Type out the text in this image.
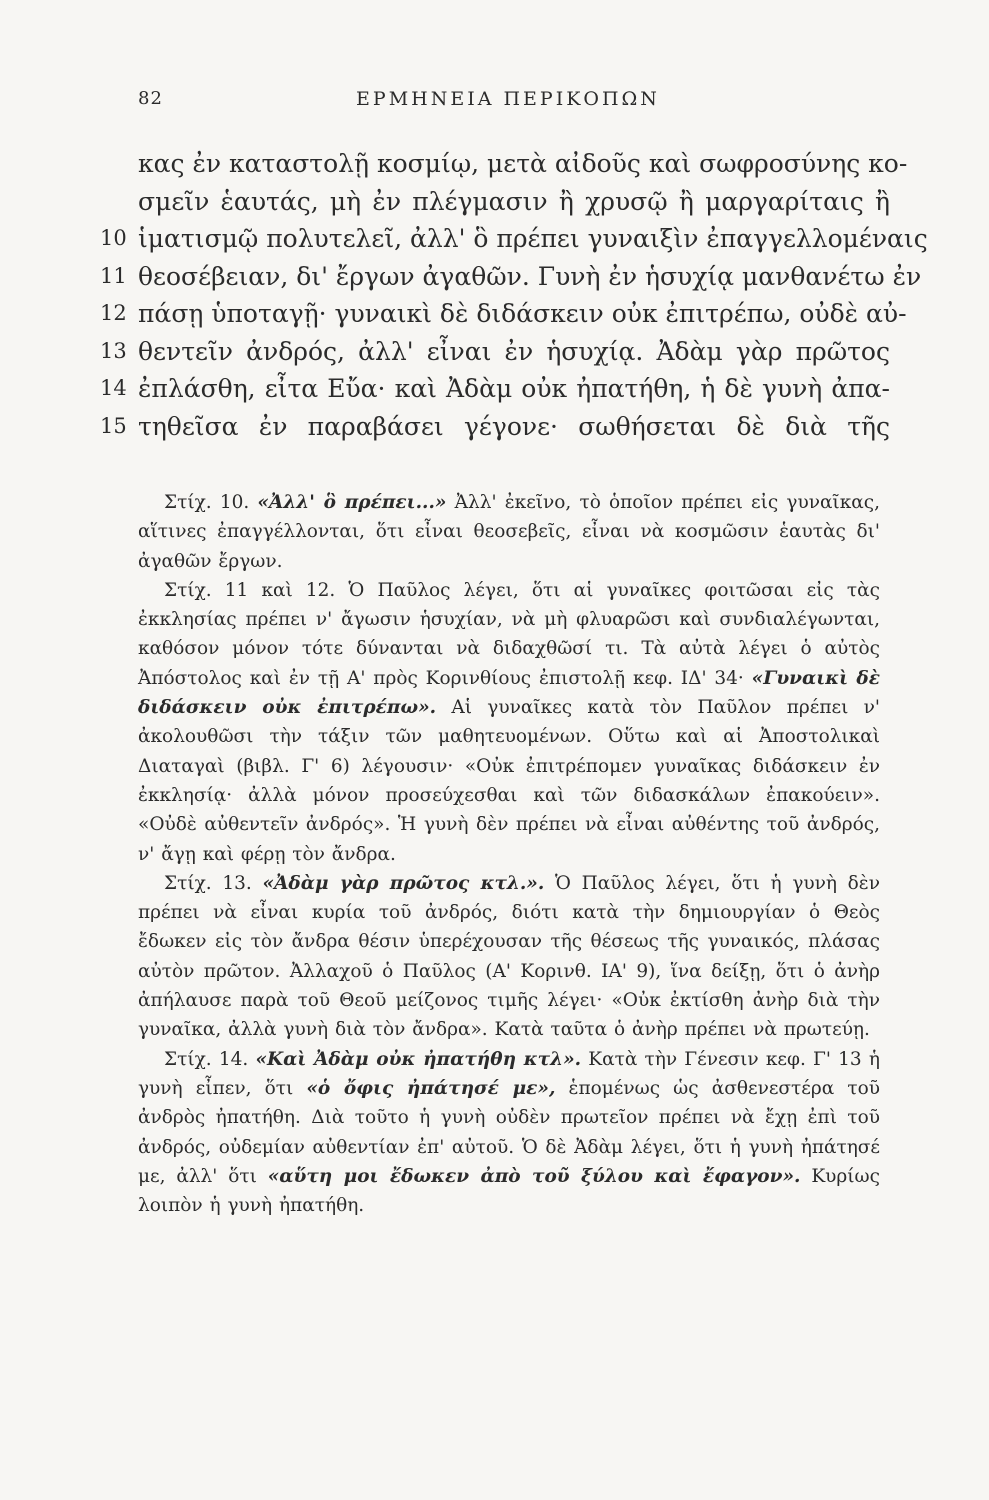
82	ΕΡΜΗΝΕΙΑ ΠΕΡΙΚΟΠΩΝ
κας ἐν καταστολῇ κοσμίῳ, μετὰ αἰδοῦς καὶ σωφροσύνης κο-
σμεῖν ἑαυτάς, μὴ ἐν πλέγμασιν ἢ χρυσῷ ἢ μαργαρίταις ἢ
10 ἱματισμῷ πολυτελεῖ, ἀλλ' ὃ πρέπει γυναιξὶν ἐπαγγελλομέναις
11 θεοσέβειαν, δι' ἔργων ἀγαθῶν. Γυνὴ ἐν ἡσυχίᾳ μανθανέτω ἐν
12 πάσῃ ὑποταγῇ· γυναικὶ δὲ διδάσκειν οὐκ ἐπιτρέπω, οὐδὲ αὐ-
13 θεντεῖν ἀνδρός, ἀλλ' εἶναι ἐν ἡσυχίᾳ. Ἀδὰμ γὰρ πρῶτος
14 ἐπλάσθη, εἶτα Εὔα· καὶ Ἀδὰμ οὐκ ἠπατήθη, ἡ δὲ γυνὴ ἀπα-
15 τηθεῖσα ἐν παραβάσει γέγονε· σωθήσεται δὲ διὰ τῆς

Στίχ. 10. «Ἀλλ' ὃ πρέπει...» Ἀλλ' ἐκεῖνο, τὸ ὁποῖον πρέπει εἰς γυναῖκας, αἵτινες ἐπαγγέλλονται, ὅτι εἶναι θεοσεβεῖς, εἶναι νὰ κοσμῶσιν ἑαυτὰς δι' ἀγαθῶν ἔργων.

Στίχ. 11 καὶ 12. Ὁ Παῦλος λέγει, ὅτι αἱ γυναῖκες φοιτῶσαι εἰς τὰς ἐκκλησίας πρέπει ν' ἄγωσιν ἡσυχίαν, νὰ μὴ φλυαρῶσι καὶ συνδιαλέγωνται, καθόσον μόνον τότε δύνανται νὰ διδαχθῶσί τι. Τὰ αὐτὰ λέγει ὁ αὐτὸς Ἀπόστολος καὶ ἐν τῇ Α' πρὸς Κορινθίους ἐπιστολῇ κεφ. ΙΔ' 34· «Γυναικὶ δὲ διδάσκειν οὐκ ἐπιτρέπω». Αἱ γυναῖκες κατὰ τὸν Παῦλον πρέπει ν' ἀκολουθῶσι τὴν τάξιν τῶν μαθητευομένων. Οὕτω καὶ αἱ Ἀποστολικαὶ Διαταγαὶ (βιβλ. Γ' 6) λέγουσιν· «Οὐκ ἐπιτρέπομεν γυναῖκας διδάσκειν ἐν ἐκκλησίᾳ· ἀλλὰ μόνον προσεύχεσθαι καὶ τῶν διδασκάλων ἐπακούειν». «Οὐδὲ αὐθεντεῖν ἀνδρός». Ἡ γυνὴ δὲν πρέπει νὰ εἶναι αὐθέντης τοῦ ἀνδρός, ν' ἄγῃ καὶ φέρῃ τὸν ἄνδρα.

Στίχ. 13. «Ἀδὰμ γὰρ πρῶτος κτλ.». Ὁ Παῦλος λέγει, ὅτι ἡ γυνὴ δὲν πρέπει νὰ εἶναι κυρία τοῦ ἀνδρός, διότι κατὰ τὴν δημιουργίαν ὁ Θεὸς ἔδωκεν εἰς τὸν ἄνδρα θέσιν ὑπερέχουσαν τῆς θέσεως τῆς γυναικός, πλάσας αὐτὸν πρῶτον. Ἀλλαχοῦ ὁ Παῦλος (Α' Κορινθ. ΙΑ' 9), ἵνα δείξῃ, ὅτι ὁ ἀνὴρ ἀπήλαυσε παρὰ τοῦ Θεοῦ μείζονος τιμῆς λέγει· «Οὐκ ἐκτίσθη ἀνὴρ διὰ τὴν γυναῖκα, ἀλλὰ γυνὴ διὰ τὸν ἄνδρα». Κατὰ ταῦτα ὁ ἀνὴρ πρέπει νὰ πρωτεύῃ.

Στίχ. 14. «Καὶ Ἀδὰμ οὐκ ἠπατήθη κτλ». Κατὰ τὴν Γένεσιν κεφ. Γ' 13 ἡ γυνὴ εἶπεν, ὅτι «ὁ ὄφις ἠπάτησέ με», ἑπομένως ὡς ἀσθενεστέρα τοῦ ἀνδρὸς ἠπατήθη. Διὰ τοῦτο ἡ γυνὴ οὐδὲν πρωτεῖον πρέπει νὰ ἔχῃ ἐπὶ τοῦ ἀνδρός, οὐδεμίαν αὐθεντίαν ἐπ' αὐτοῦ. Ὁ δὲ Ἀδὰμ λέγει, ὅτι ἡ γυνὴ ἠπάτησέ με, ἀλλ' ὅτι «αὕτη μοι ἔδωκεν ἀπὸ τοῦ ξύλου καὶ ἔφαγον». Κυρίως λοιπὸν ἡ γυνὴ ἠπατήθη.
